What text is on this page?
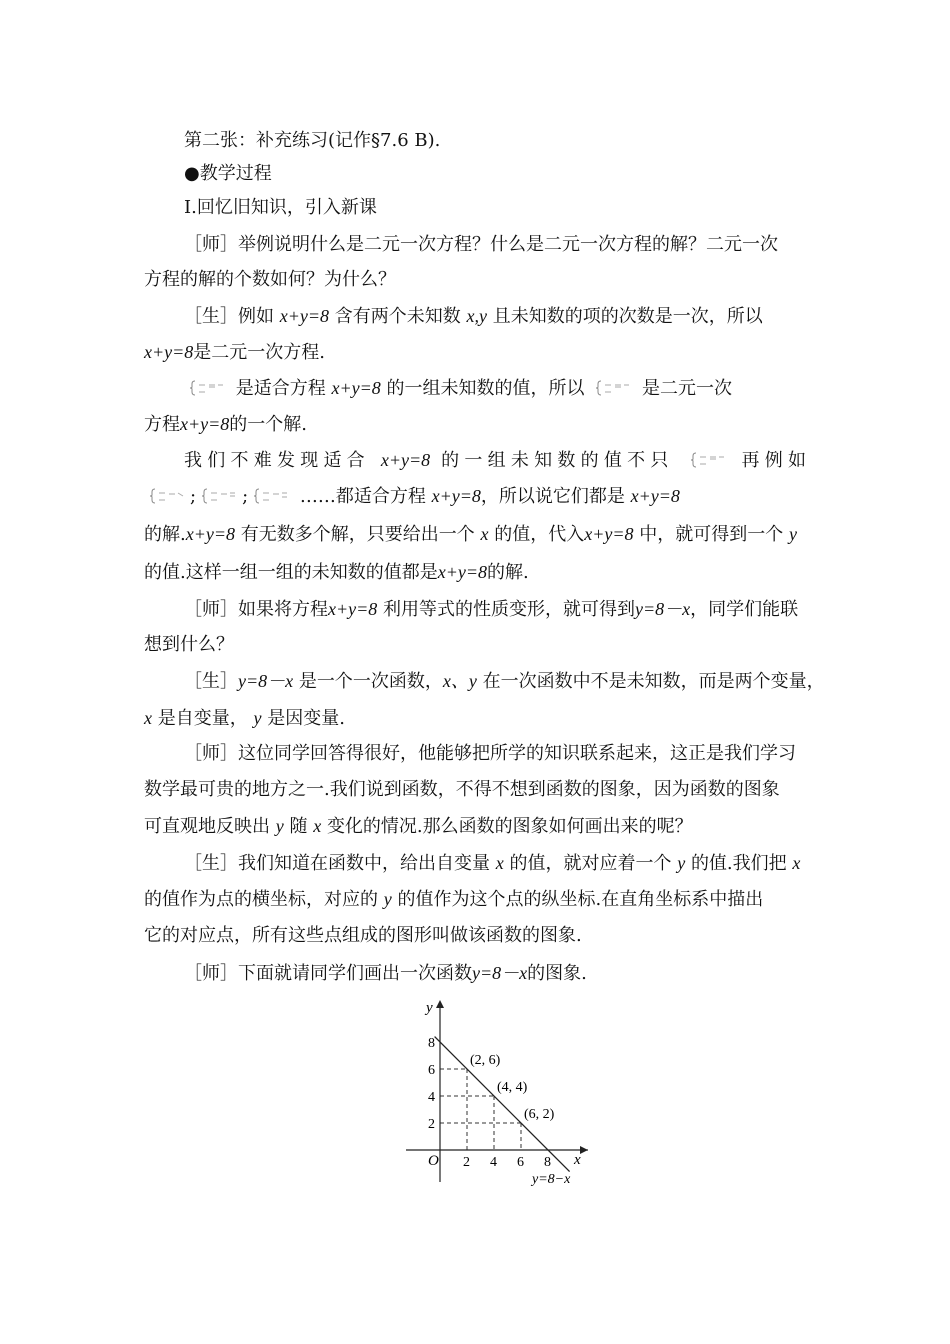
第二张：补充练习(记作§7.6 B).
●教学过程
Ⅰ.回忆旧知识，引入新课
［师］举例说明什么是二元一次方程？什么是二元一次方程的解？二元一次
方程的解的个数如何？为什么？
［生］例如 x+y=8 含有两个未知数 x,y 且未知数的项的次数是一次，所以
x+y=8是二元一次方程.
是适合方程 x+y=8 的一组未知数的值，所以	是二元一次
方程x+y=8的一个解.
我们不难发现适合 x+y=8 的一组未知数的值不只	再例如
;	;	……都适合方程 x+y=8，所以说它们都是 x+y=8
的解.x+y=8 有无数多个解，只要给出一个 x 的值，代入x+y=8 中，就可得到一个 y
的值.这样一组一组的未知数的值都是x+y=8的解.
［师］如果将方程x+y=8 利用等式的性质变形，就可得到y=8－x，同学们能联
想到什么？
［生］y=8－x 是一个一次函数，x、y 在一次函数中不是未知数，而是两个变量，
x 是自变量， y 是因变量.
［师］这位同学回答得很好，他能够把所学的知识联系起来，这正是我们学习
数学最可贵的地方之一.我们说到函数，不得不想到函数的图象，因为函数的图象
可直观地反映出 y 随 x 变化的情况.那么函数的图象如何画出来的呢？
［生］我们知道在函数中，给出自变量 x 的值，就对应着一个 y 的值.我们把 x
的值作为点的横坐标，对应的 y 的值作为这个点的纵坐标.在直角坐标系中描出
它的对应点，所有这些点组成的图形叫做该函数的图象.
［师］下面就请同学们画出一次函数y=8－x的图象.
y
x
O 2 4 6 8
2
4
6
8
(2, 6)
(4, 4)
(6, 2)
y=8−x
